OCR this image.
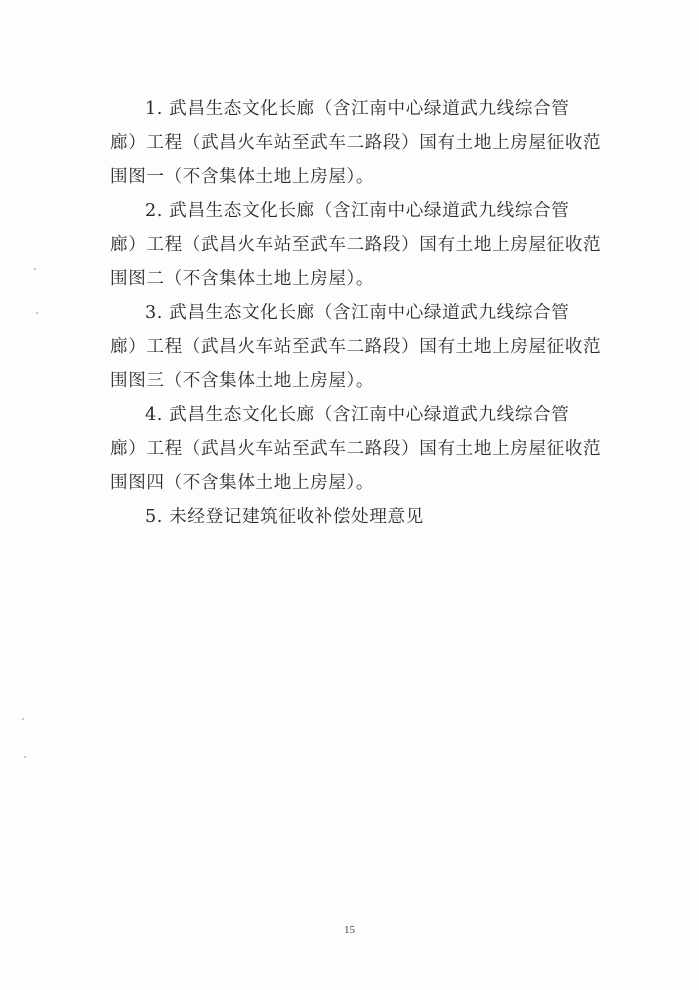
1. 武昌生态文化长廊（含江南中心绿道武九线综合管
廊）工程（武昌火车站至武车二路段）国有土地上房屋征收范
围图一（不含集体土地上房屋）。

2. 武昌生态文化长廊（含江南中心绿道武九线综合管
廊）工程（武昌火车站至武车二路段）国有土地上房屋征收范
围图二（不含集体土地上房屋）。

3. 武昌生态文化长廊（含江南中心绿道武九线综合管
廊）工程（武昌火车站至武车二路段）国有土地上房屋征收范
围图三（不含集体土地上房屋）。

4. 武昌生态文化长廊（含江南中心绿道武九线综合管
廊）工程（武昌火车站至武车二路段）国有土地上房屋征收范
围图四（不含集体土地上房屋）。

5. 未经登记建筑征收补偿处理意见

15
